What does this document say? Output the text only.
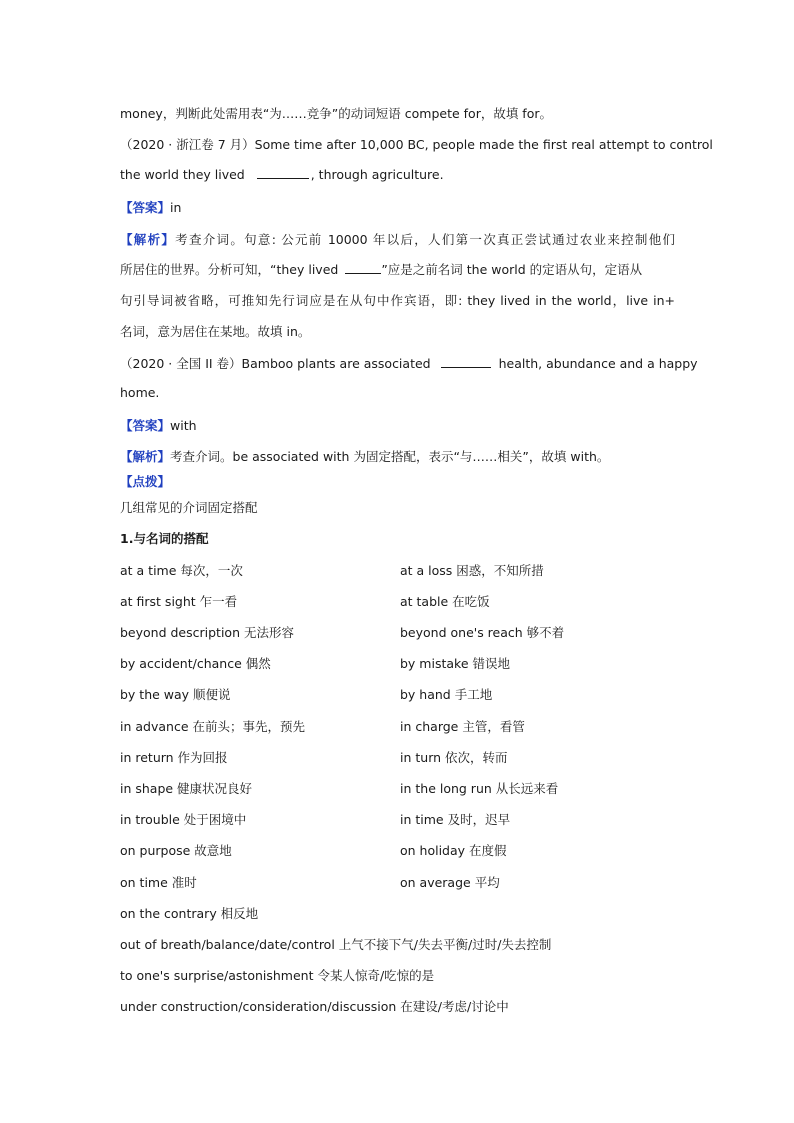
money，判断此处需用表“为……竞争”的动词短语 compete for，故填 for。
（2020 · 浙江卷 7 月）Some time after 10,000 BC, people made the first real attempt to control
the world they lived	, through agriculture.
【答案】in
【解析】考查介词。句意: 公元前 10000 年以后，人们第一次真正尝试通过农业来控制他们
所居住的世界。分析可知，“they lived	”应是之前名词 the world 的定语从句，定语从
句引导词被省略，可推知先行词应是在从句中作宾语，即: they lived in the world，live in+
名词，意为居住在某地。故填 in。
（2020 · 全国 II 卷）Bamboo plants are associated	health, abundance and a happy
home.
【答案】with
【解析】考查介词。be associated with 为固定搭配，表示“与……相关”，故填 with。
【点拨】
几组常见的介词固定搭配
1.与名词的搭配
at a time 每次，一次	at a loss 困惑，不知所措
at first sight 乍一看	at table 在吃饭
beyond description 无法形容	beyond one's reach 够不着
by accident/chance 偶然	by mistake 错误地
by the way 顺便说	by hand 手工地
in advance 在前头；事先，预先	in charge 主管，看管
in return 作为回报	in turn 依次，转而
in shape 健康状况良好	in the long run 从长远来看
in trouble 处于困境中	in time 及时，迟早
on purpose 故意地	on holiday 在度假
on time 准时	on average 平均
on the contrary 相反地
out of breath/balance/date/control 上气不接下气/失去平衡/过时/失去控制
to one's surprise/astonishment 令某人惊奇/吃惊的是
under construction/consideration/discussion 在建设/考虑/讨论中
